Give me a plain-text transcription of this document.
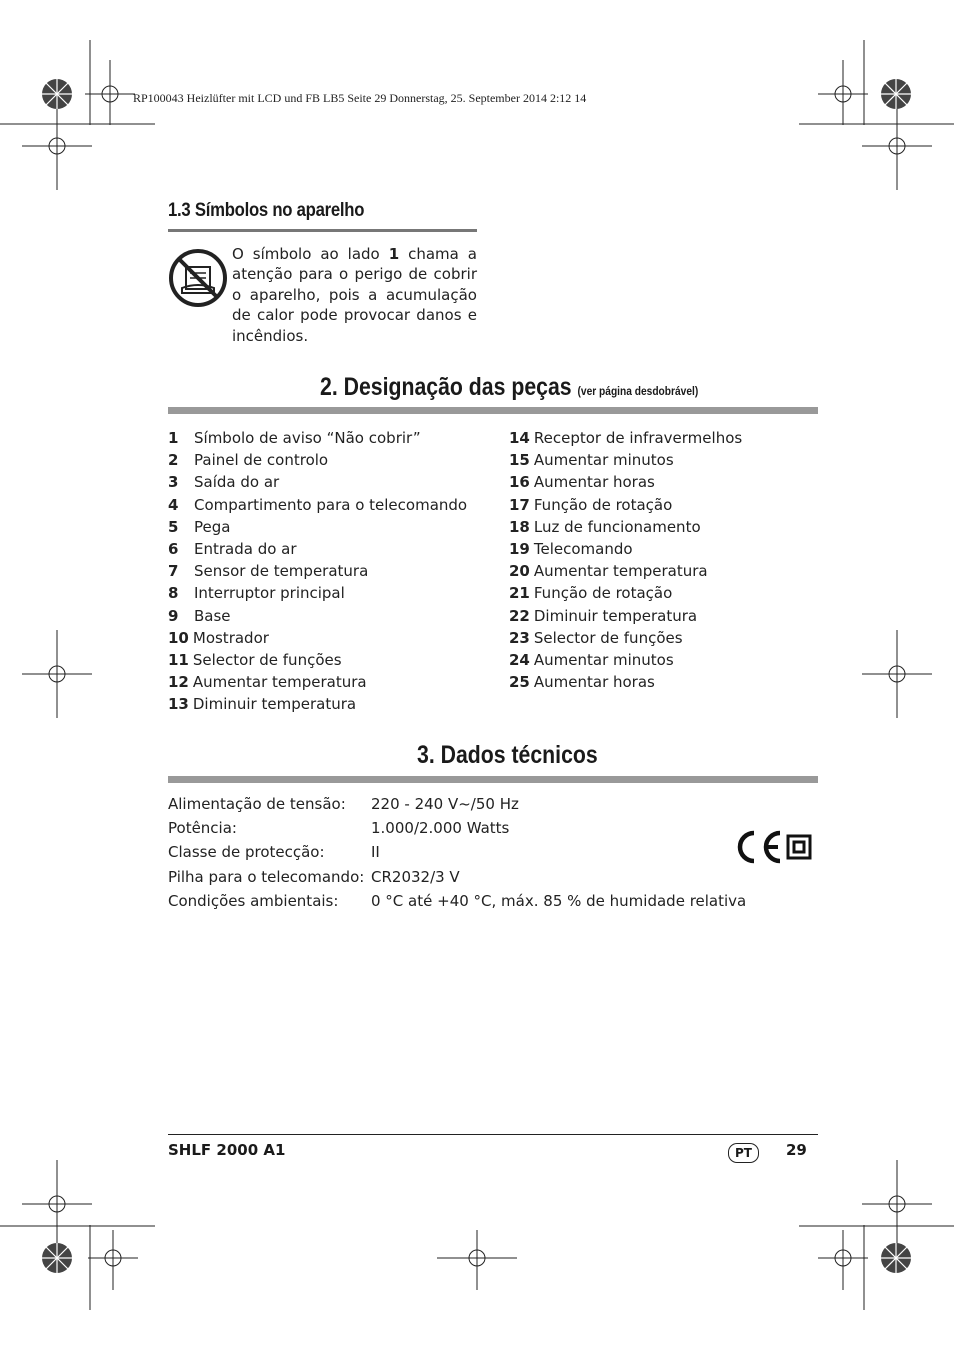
RP100043 Heizlüfter mit LCD und FB LB5 Seite 29 Donnerstag, 25. September 2014 2:12 14
1.3 Símbolos no aparelho
O símbolo ao lado 1 chama a atenção para o perigo de cobrir o aparelho, pois a acumulação de calor pode provocar danos e incêndios.
2. Designação das peças (ver página desdobrável)
1	Símbolo de aviso “Não cobrir”
2	Painel de controlo
3	Saída do ar
4	Compartimento para o telecomando
5	Pega
6	Entrada do ar
7	Sensor de temperatura
8	Interruptor principal
9	Base
10 Mostrador
11 Selector de funções
12 Aumentar temperatura
13 Diminuir temperatura
14 Receptor de infravermelhos
15 Aumentar minutos
16 Aumentar horas
17 Função de rotação
18 Luz de funcionamento
19 Telecomando
20 Aumentar temperatura
21 Função de rotação
22 Diminuir temperatura
23 Selector de funções
24 Aumentar minutos
25 Aumentar horas
3. Dados técnicos
Alimentação de tensão: 220 - 240 V~/50 Hz
Potência:	1.000/2.000 Watts
Classe de protecção:	II
Pilha para o telecomando: CR2032/3 V
Condições ambientais: 0 °C até +40 °C, máx. 85 % de humidade relativa
SHLF 2000 A1	PT	29
